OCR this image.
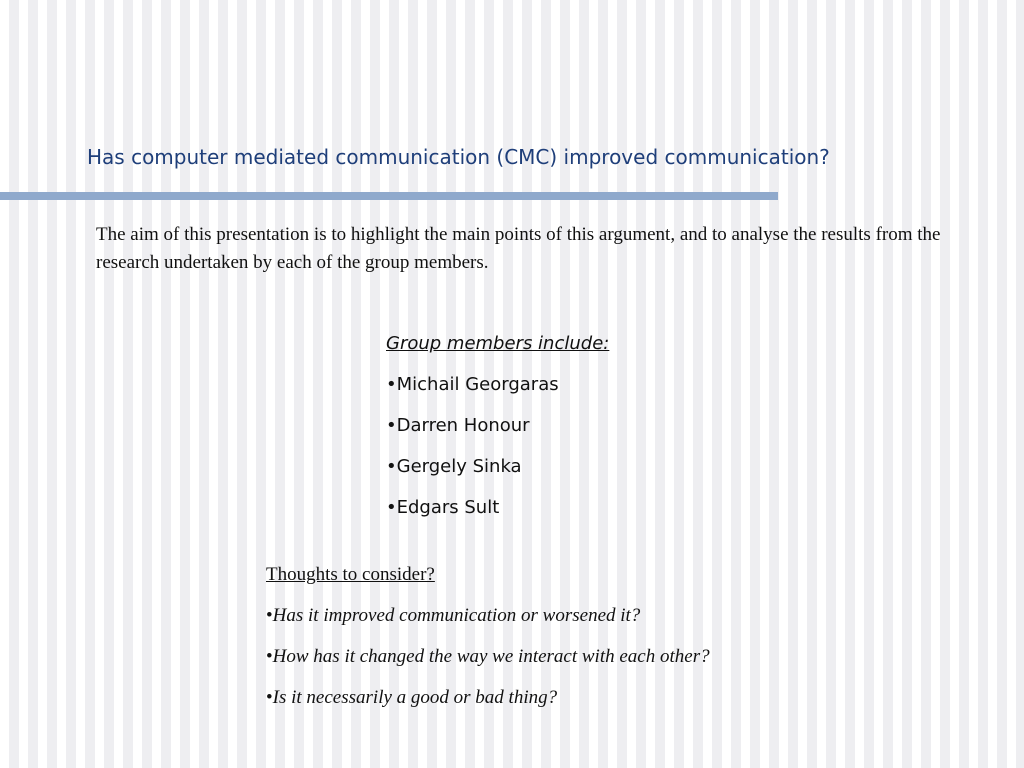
Has computer mediated communication (CMC) improved communication?

The aim of this presentation is to highlight the main points of this argument, and to analyse the results from the research undertaken by each of the group members.

Group members include:
•Michail Georgaras
•Darren Honour
•Gergely Sinka
•Edgars Sult
Thoughts to consider?
•Has it improved communication or worsened it?
•How has it changed the way we interact with each other?
•Is it necessarily a good or bad thing?
